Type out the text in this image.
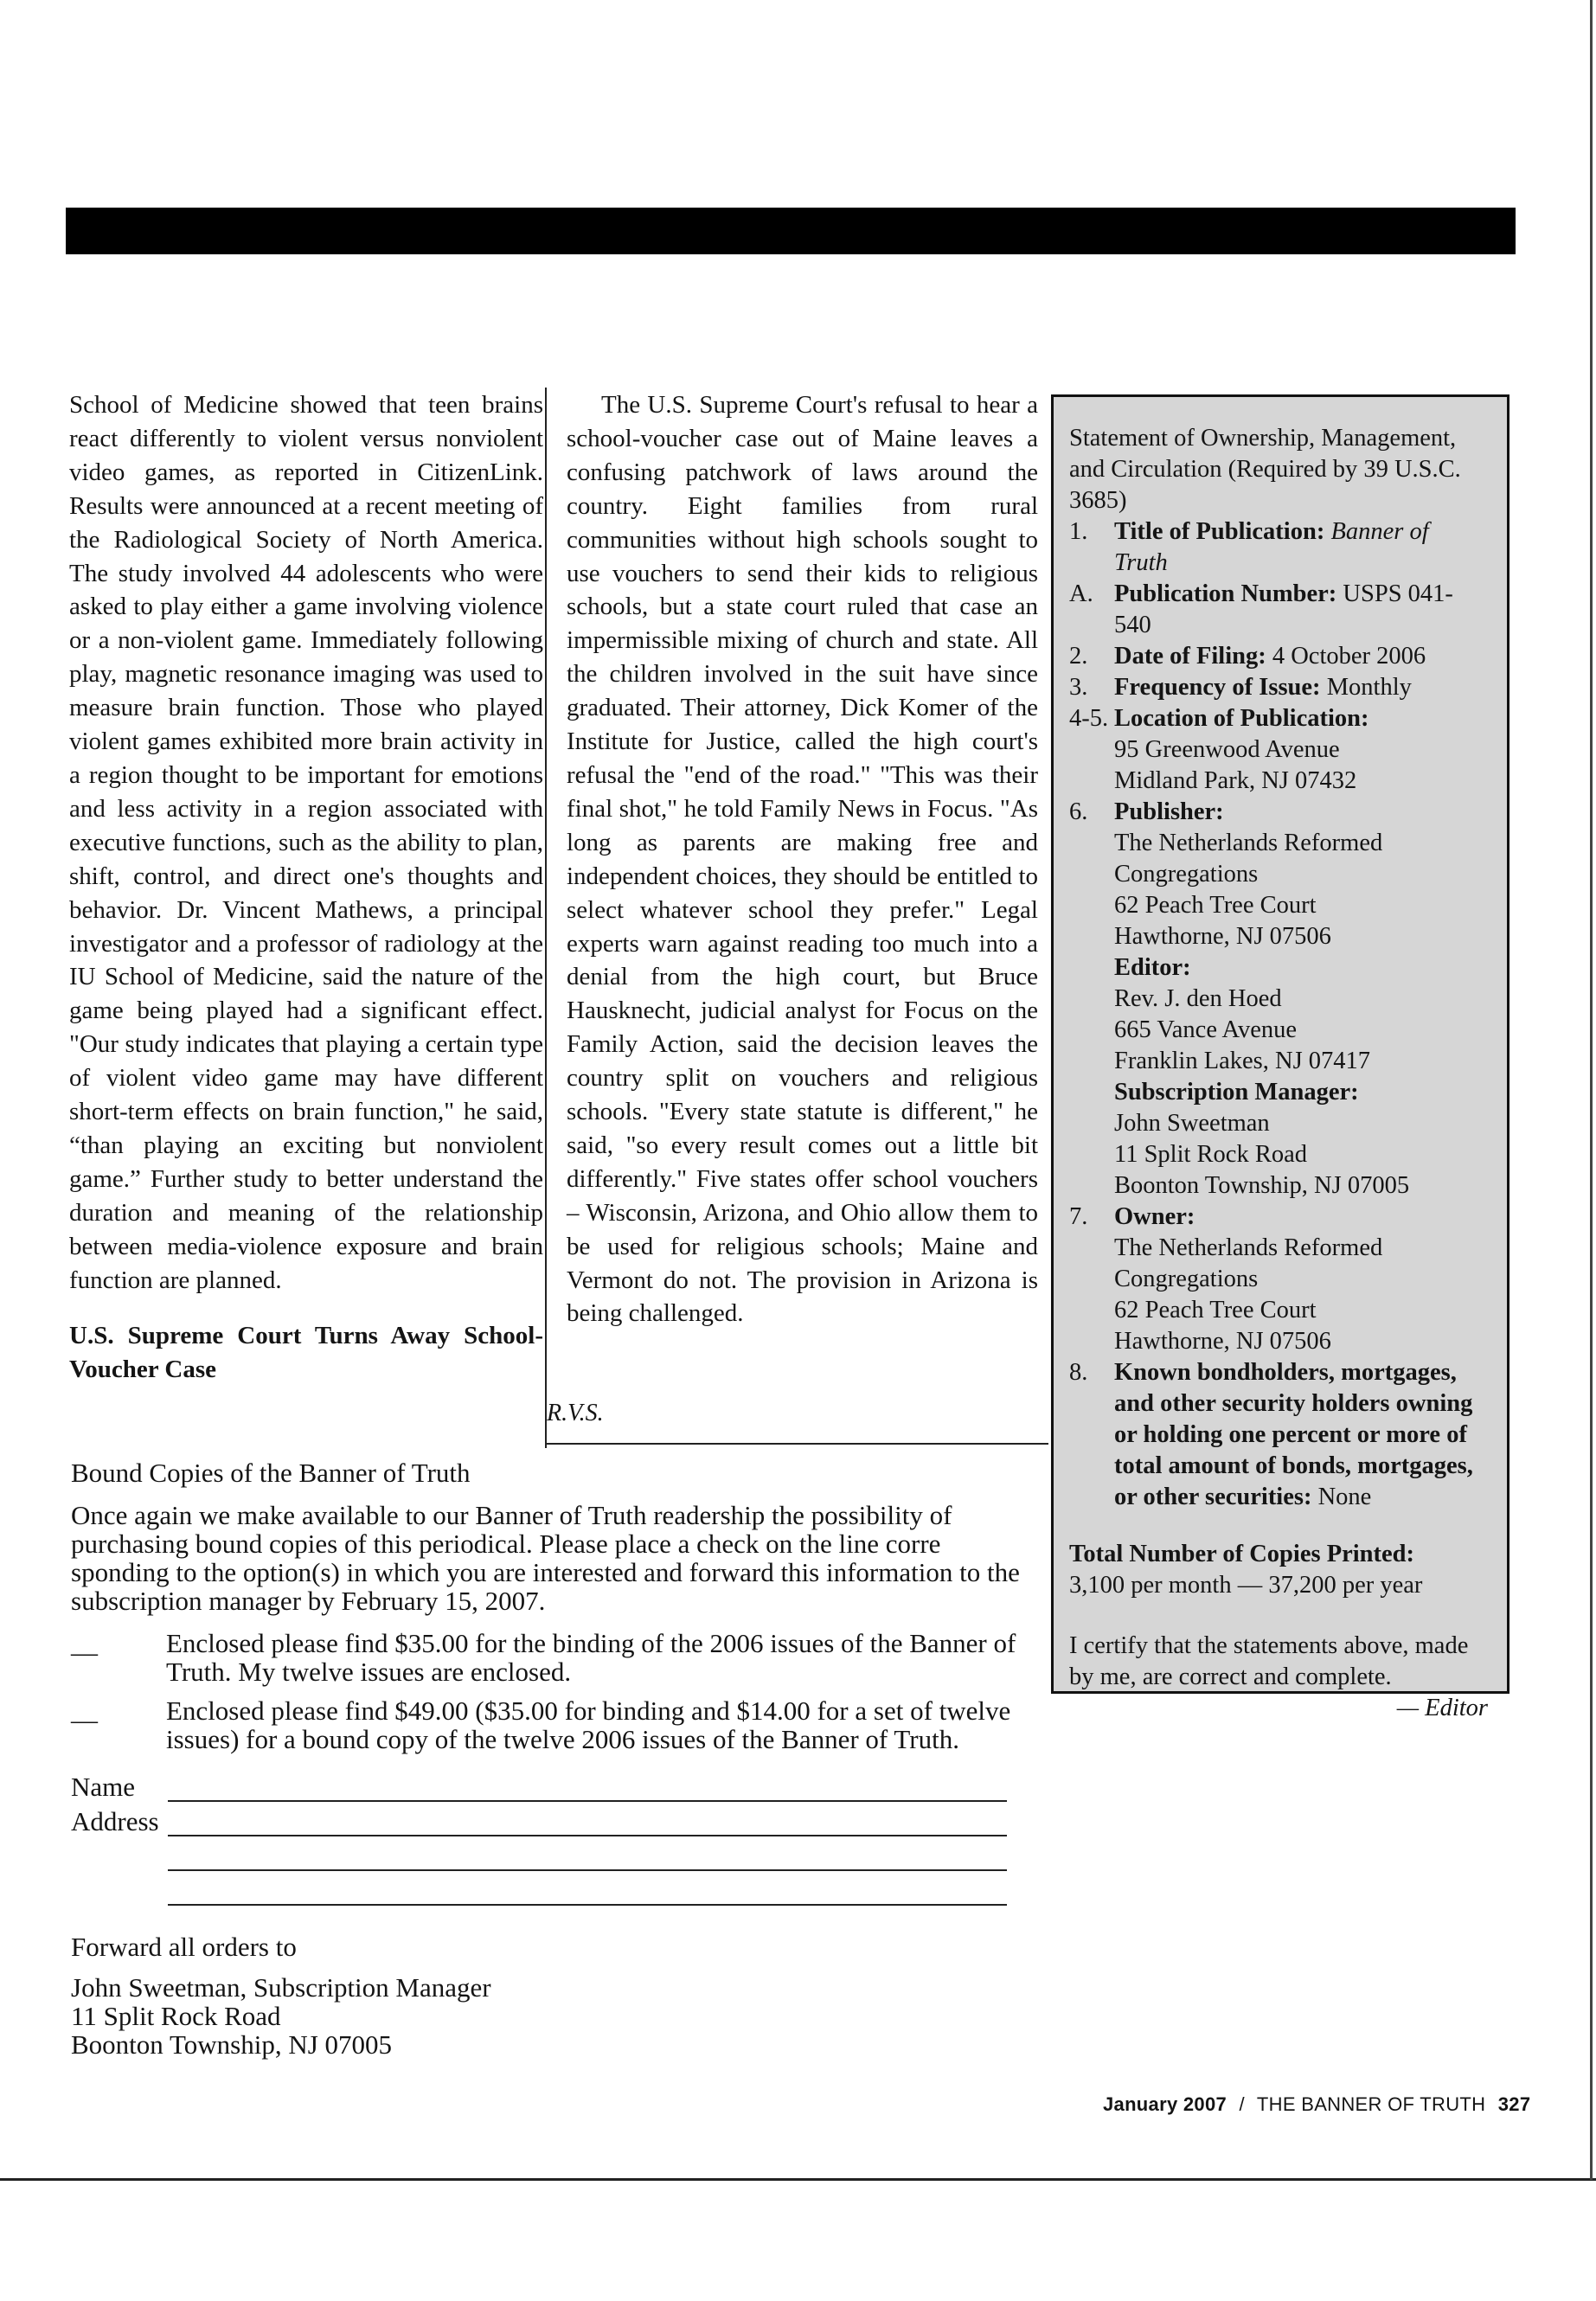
School of Medicine showed that teen brains react differently to violent versus nonviolent video games, as reported in CitizenLink. Results were announced at a recent meeting of the Radiological Society of North America. The study involved 44 adolescents who were asked to play either a game involving violence or a non-violent game. Immediately following play, magnetic resonance imaging was used to measure brain function. Those who played violent games exhibited more brain activity in a region thought to be important for emotions and less activity in a region associated with executive functions, such as the ability to plan, shift, control, and direct one's thoughts and behavior. Dr. Vincent Mathews, a principal investigator and a professor of radiology at the IU School of Medicine, said the nature of the game being played had a significant effect. "Our study indicates that playing a certain type of violent video game may have different short-term effects on brain function," he said, “than playing an exciting but nonviolent game.” Further study to better understand the duration and meaning of the relationship between media-violence exposure and brain function are planned.

U.S. Supreme Court Turns Away School-Voucher Case

The U.S. Supreme Court's refusal to hear a school-voucher case out of Maine leaves a confusing patchwork of laws around the country. Eight families from rural communities without high schools sought to use vouchers to send their kids to religious schools, but a state court ruled that case an impermissible mixing of church and state. All the children involved in the suit have since graduated. Their attorney, Dick Komer of the Institute for Justice, called the high court's refusal the "end of the road." "This was their final shot," he told Family News in Focus. "As long as parents are making free and independent choices, they should be entitled to select whatever school they prefer." Legal experts warn against reading too much into a denial from the high court, but Bruce Hausknecht, judicial analyst for Focus on the Family Action, said the decision leaves the country split on vouchers and religious schools. "Every state statute is different," he said, "so every result comes out a little bit differently." Five states offer school vouchers – Wisconsin, Arizona, and Ohio allow them to be used for religious schools; Maine and Vermont do not. The provision in Arizona is being challenged.

R.V.S.

Statement of Ownership, Management, and Circulation (Required by 39 U.S.C. 3685)

1.	Title of Publication: Banner of Truth
A. Publication Number: USPS 041-540
2.	Date of Filing: 4 October 2006
3.	Frequency of Issue: Monthly
4-5. Location of Publication:
95 Greenwood Avenue
Midland Park, NJ 07432
6.	Publisher:
The Netherlands Reformed Congregations
62 Peach Tree Court
Hawthorne, NJ 07506
Editor:
Rev. J. den Hoed
665 Vance Avenue
Franklin Lakes, NJ 07417
Subscription Manager:
John Sweetman
11 Split Rock Road
Boonton Township, NJ 07005
7.	Owner:
The Netherlands Reformed Congregations
62 Peach Tree Court
Hawthorne, NJ 07506
8.	Known bondholders, mortgages, and other security holders owning or holding one percent or more of total amount of bonds, mortgages, or other securities: None
Total Number of Copies Printed:
3,100 per month — 37,200 per year
I certify that the statements above, made by me, are correct and complete.
— Editor

Bound Copies of the Banner of Truth

Once again we make available to our Banner of Truth readership the possibility of purchasing bound copies of this periodical. Please place a check on the line corre sponding to the option(s) in which you are interested and forward this information to the subscription manager by February 15, 2007.

__	Enclosed please find $35.00 for the binding of the 2006 issues of the Banner of Truth. My twelve issues are enclosed.
__	Enclosed please find $49.00 ($35.00 for binding and $14.00 for a set of twelve issues) for a bound copy of the twelve 2006 issues of the Banner of Truth.
Name
Address

Forward all orders to

John Sweetman, Subscription Manager

11 Split Rock Road

Boonton Township, NJ 07005

January 2007 / THE BANNER OF TRUTH 327
